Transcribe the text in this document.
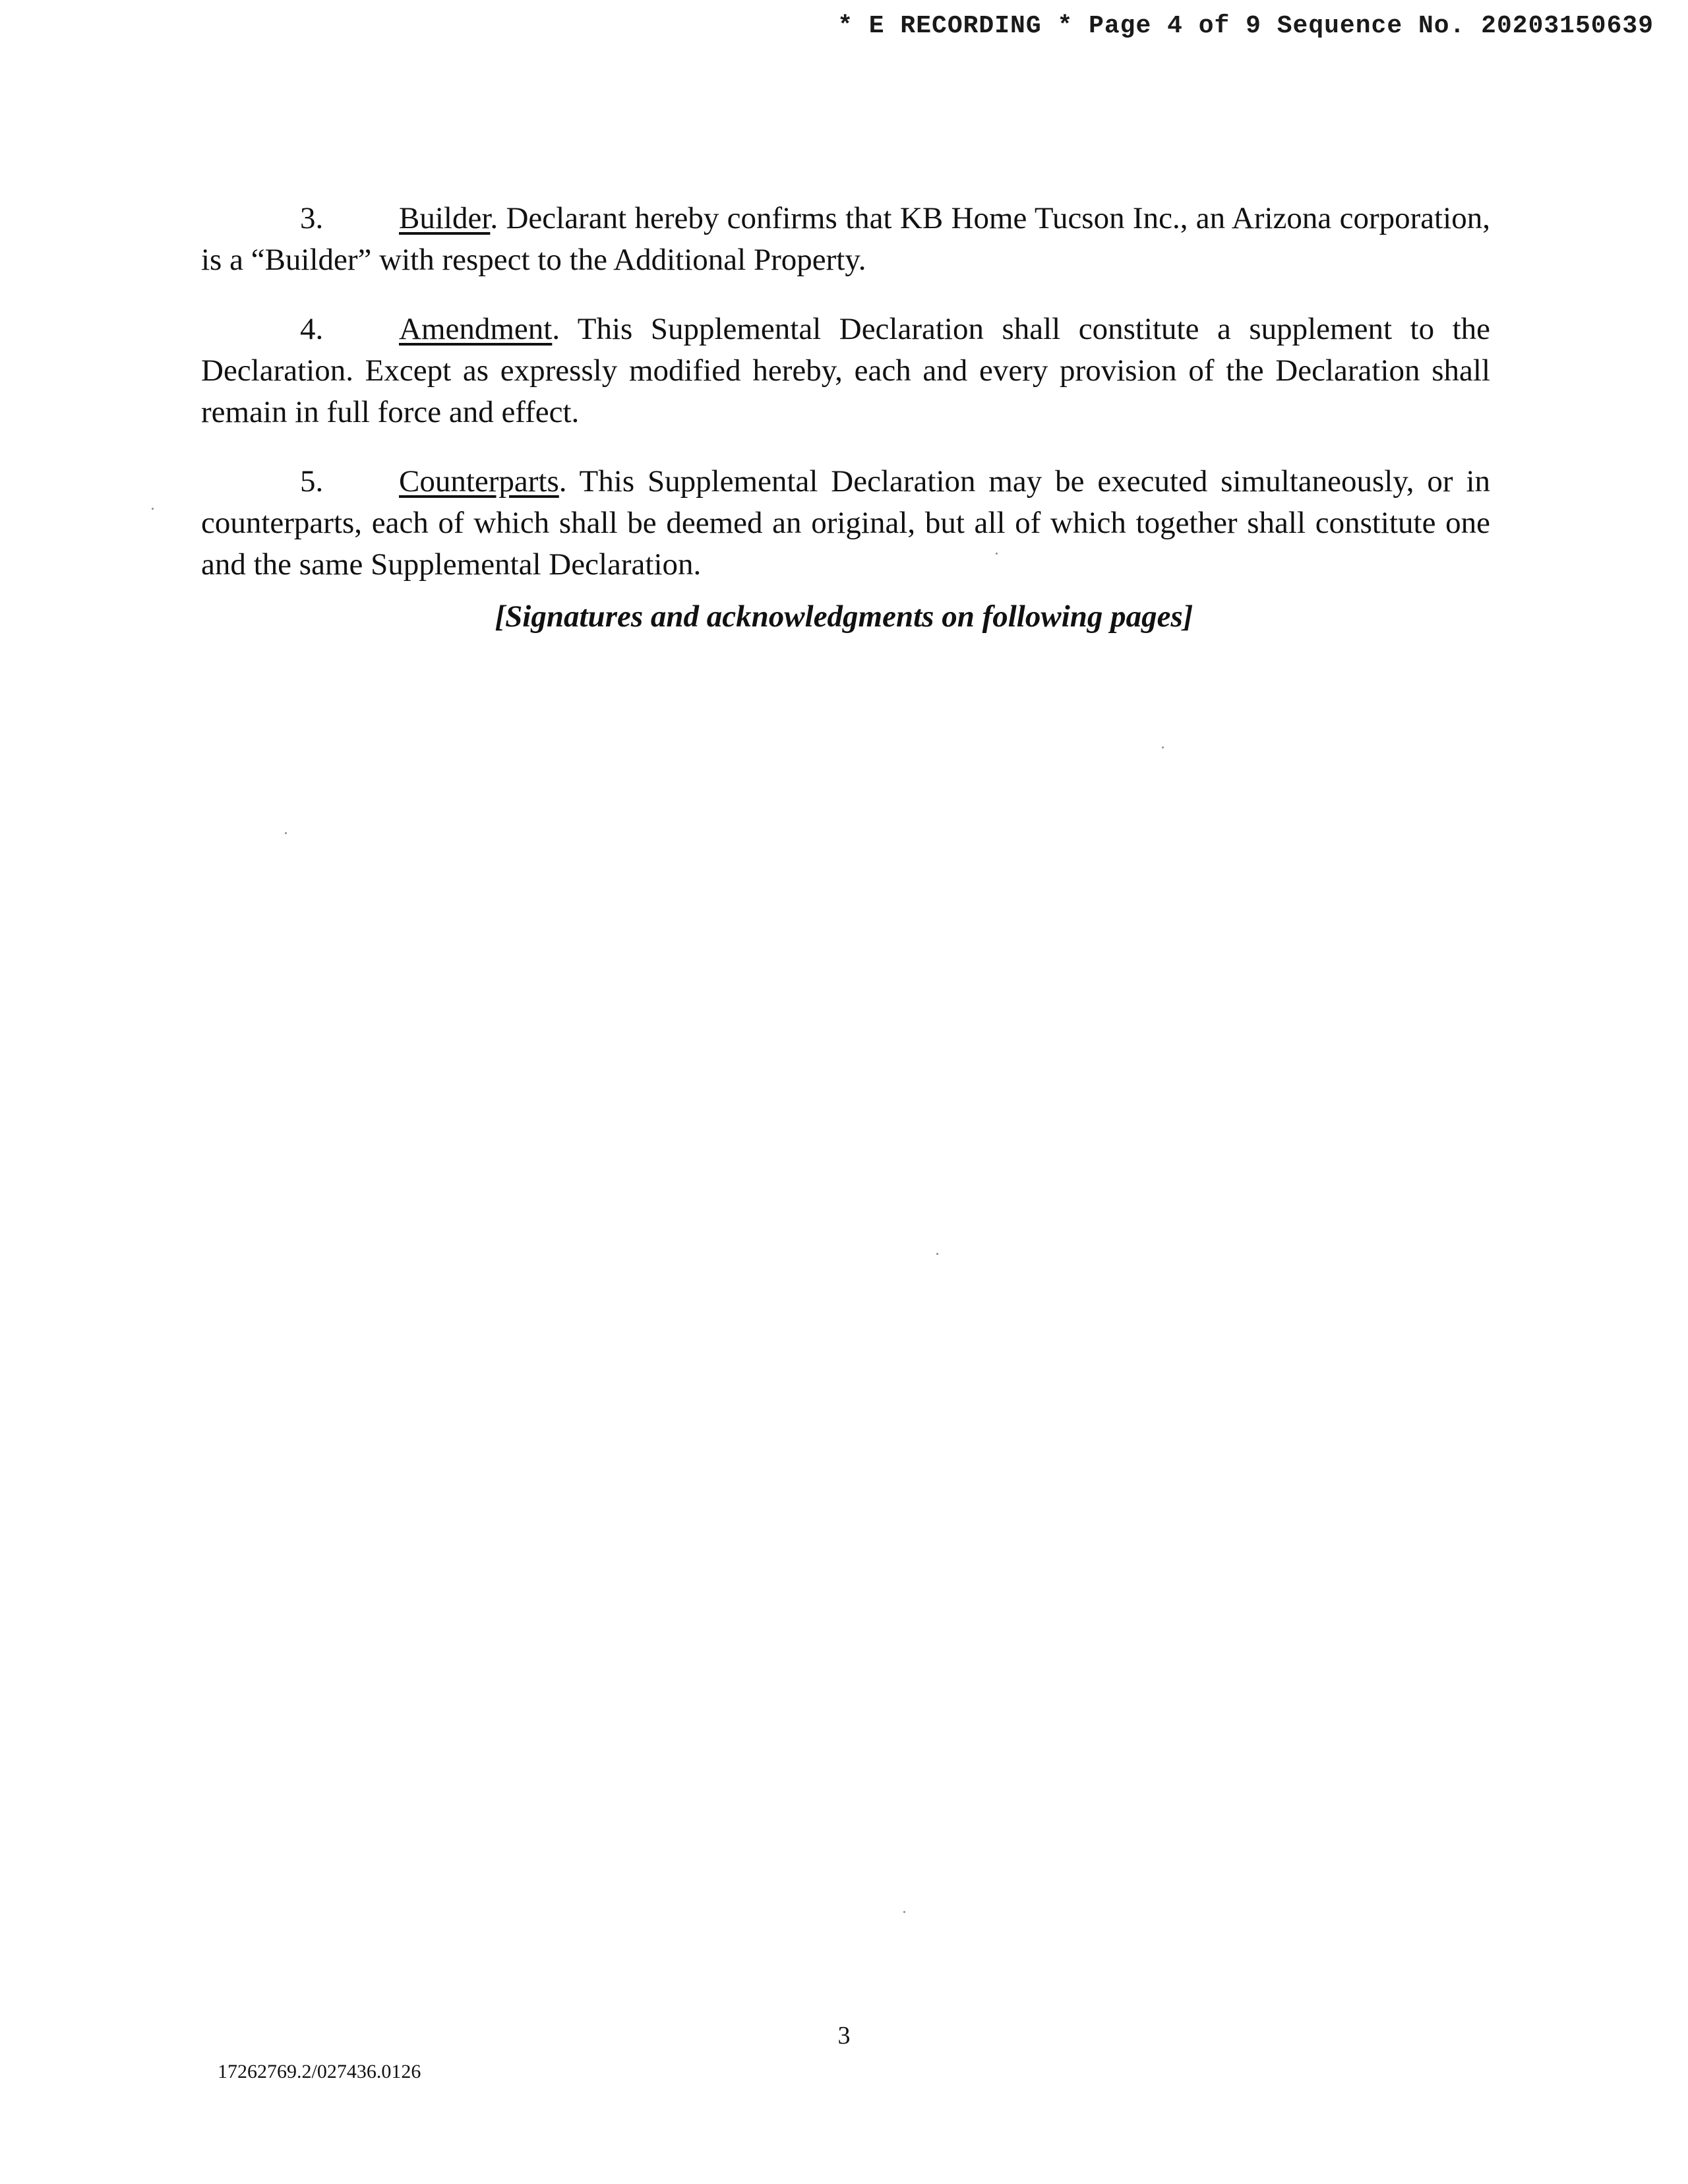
* E RECORDING * Page 4 of 9 Sequence No. 20203150639

3. Builder. Declarant hereby confirms that KB Home Tucson Inc., an Arizona corporation, is a “Builder” with respect to the Additional Property.

4. Amendment. This Supplemental Declaration shall constitute a supplement to the Declaration. Except as expressly modified hereby, each and every provision of the Declaration shall remain in full force and effect.

5. Counterparts. This Supplemental Declaration may be executed simultaneously, or in counterparts, each of which shall be deemed an original, but all of which together shall constitute one and the same Supplemental Declaration.

[Signatures and acknowledgments on following pages]
3
17262769.2/027436.0126
